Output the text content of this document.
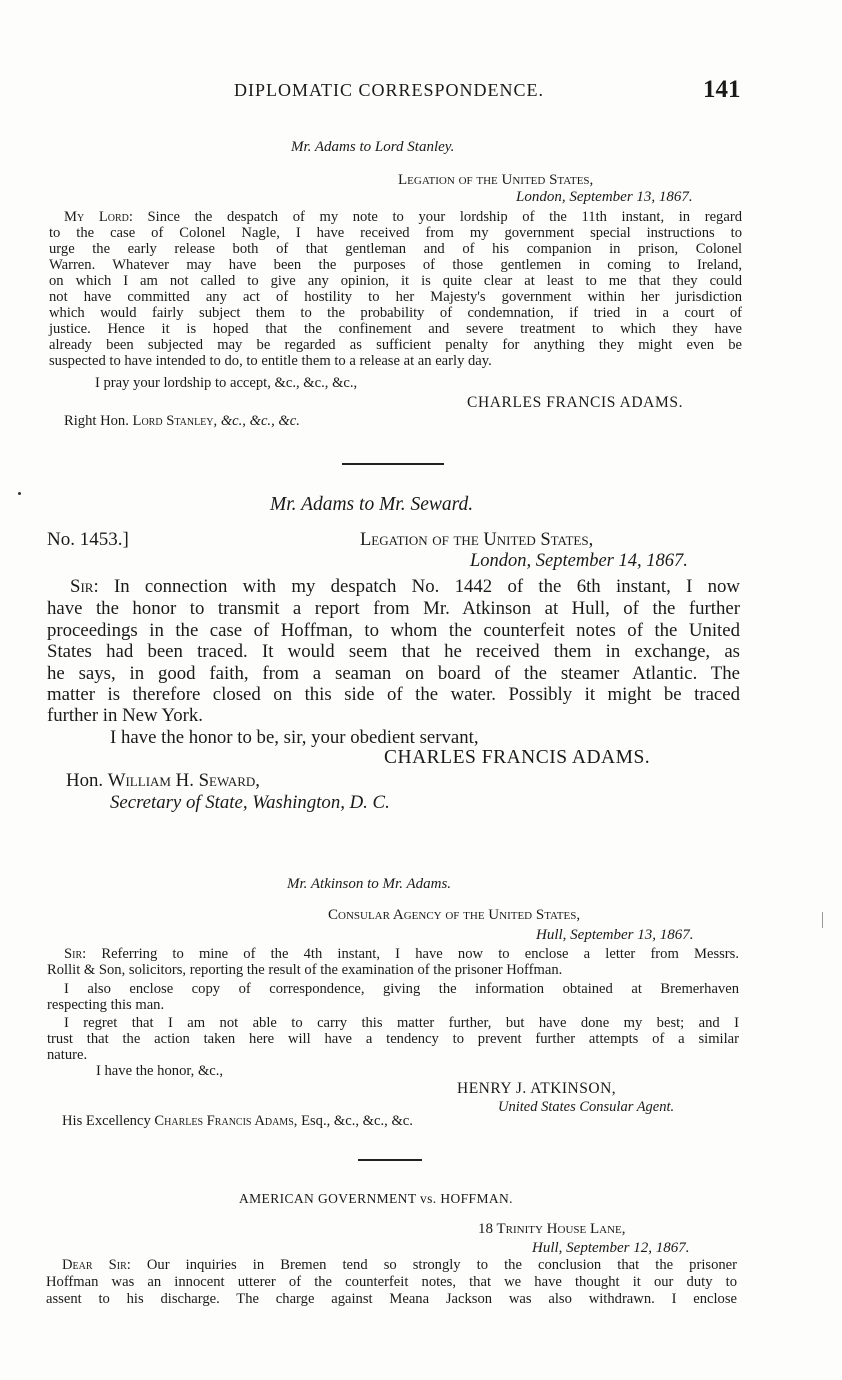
DIPLOMATIC CORRESPONDENCE.	141
Mr. Adams to Lord Stanley.
Legation of the United States,
London, September 13, 1867.
My Lord: Since the despatch of my note to your lordship of the 11th instant, in regard
to the case of Colonel Nagle, I have received from my government special instructions to
urge the early release both of that gentleman and of his companion in prison, Colonel
Warren. Whatever may have been the purposes of those gentlemen in coming to Ireland,
on which I am not called to give any opinion, it is quite clear at least to me that they could
not have committed any act of hostility to her Majesty's government within her jurisdiction
which would fairly subject them to the probability of condemnation, if tried in a court of
justice. Hence it is hoped that the confinement and severe treatment to which they have
already been subjected may be regarded as sufficient penalty for anything they might even be
suspected to have intended to do, to entitle them to a release at an early day.
I pray your lordship to accept, &c., &c., &c.,
CHARLES FRANCIS ADAMS.
Right Hon. Lord Stanley, &c., &c., &c.
Mr. Adams to Mr. Seward.
No. 1453.]	Legation of the United States,
London, September 14, 1867.
Sir: In connection with my despatch No. 1442 of the 6th instant, I now
have the honor to transmit a report from Mr. Atkinson at Hull, of the further
proceedings in the case of Hoffman, to whom the counterfeit notes of the United
States had been traced. It would seem that he received them in exchange, as
he says, in good faith, from a seaman on board of the steamer Atlantic. The
matter is therefore closed on this side of the water. Possibly it might be traced
further in New York.
I have the honor to be, sir, your obedient servant,
CHARLES FRANCIS ADAMS.
Hon. William H. Seward,
Secretary of State, Washington, D. C.
Mr. Atkinson to Mr. Adams.
Consular Agency of the United States,
Hull, September 13, 1867.
Sir: Referring to mine of the 4th instant, I have now to enclose a letter from Messrs.
Rollit & Son, solicitors, reporting the result of the examination of the prisoner Hoffman.
I also enclose copy of correspondence, giving the information obtained at Bremerhaven
respecting this man.
I regret that I am not able to carry this matter further, but have done my best; and I
trust that the action taken here will have a tendency to prevent further attempts of a similar
nature.
I have the honor, &c.,
HENRY J. ATKINSON,
United States Consular Agent.
His Excellency Charles Francis Adams, Esq., &c., &c., &c.
AMERICAN GOVERNMENT vs. HOFFMAN.
18 Trinity House Lane,
Hull, September 12, 1867.
Dear Sir: Our inquiries in Bremen tend so strongly to the conclusion that the prisoner
Hoffman was an innocent utterer of the counterfeit notes, that we have thought it our duty to
assent to his discharge. The charge against Meana Jackson was also withdrawn. I enclose
